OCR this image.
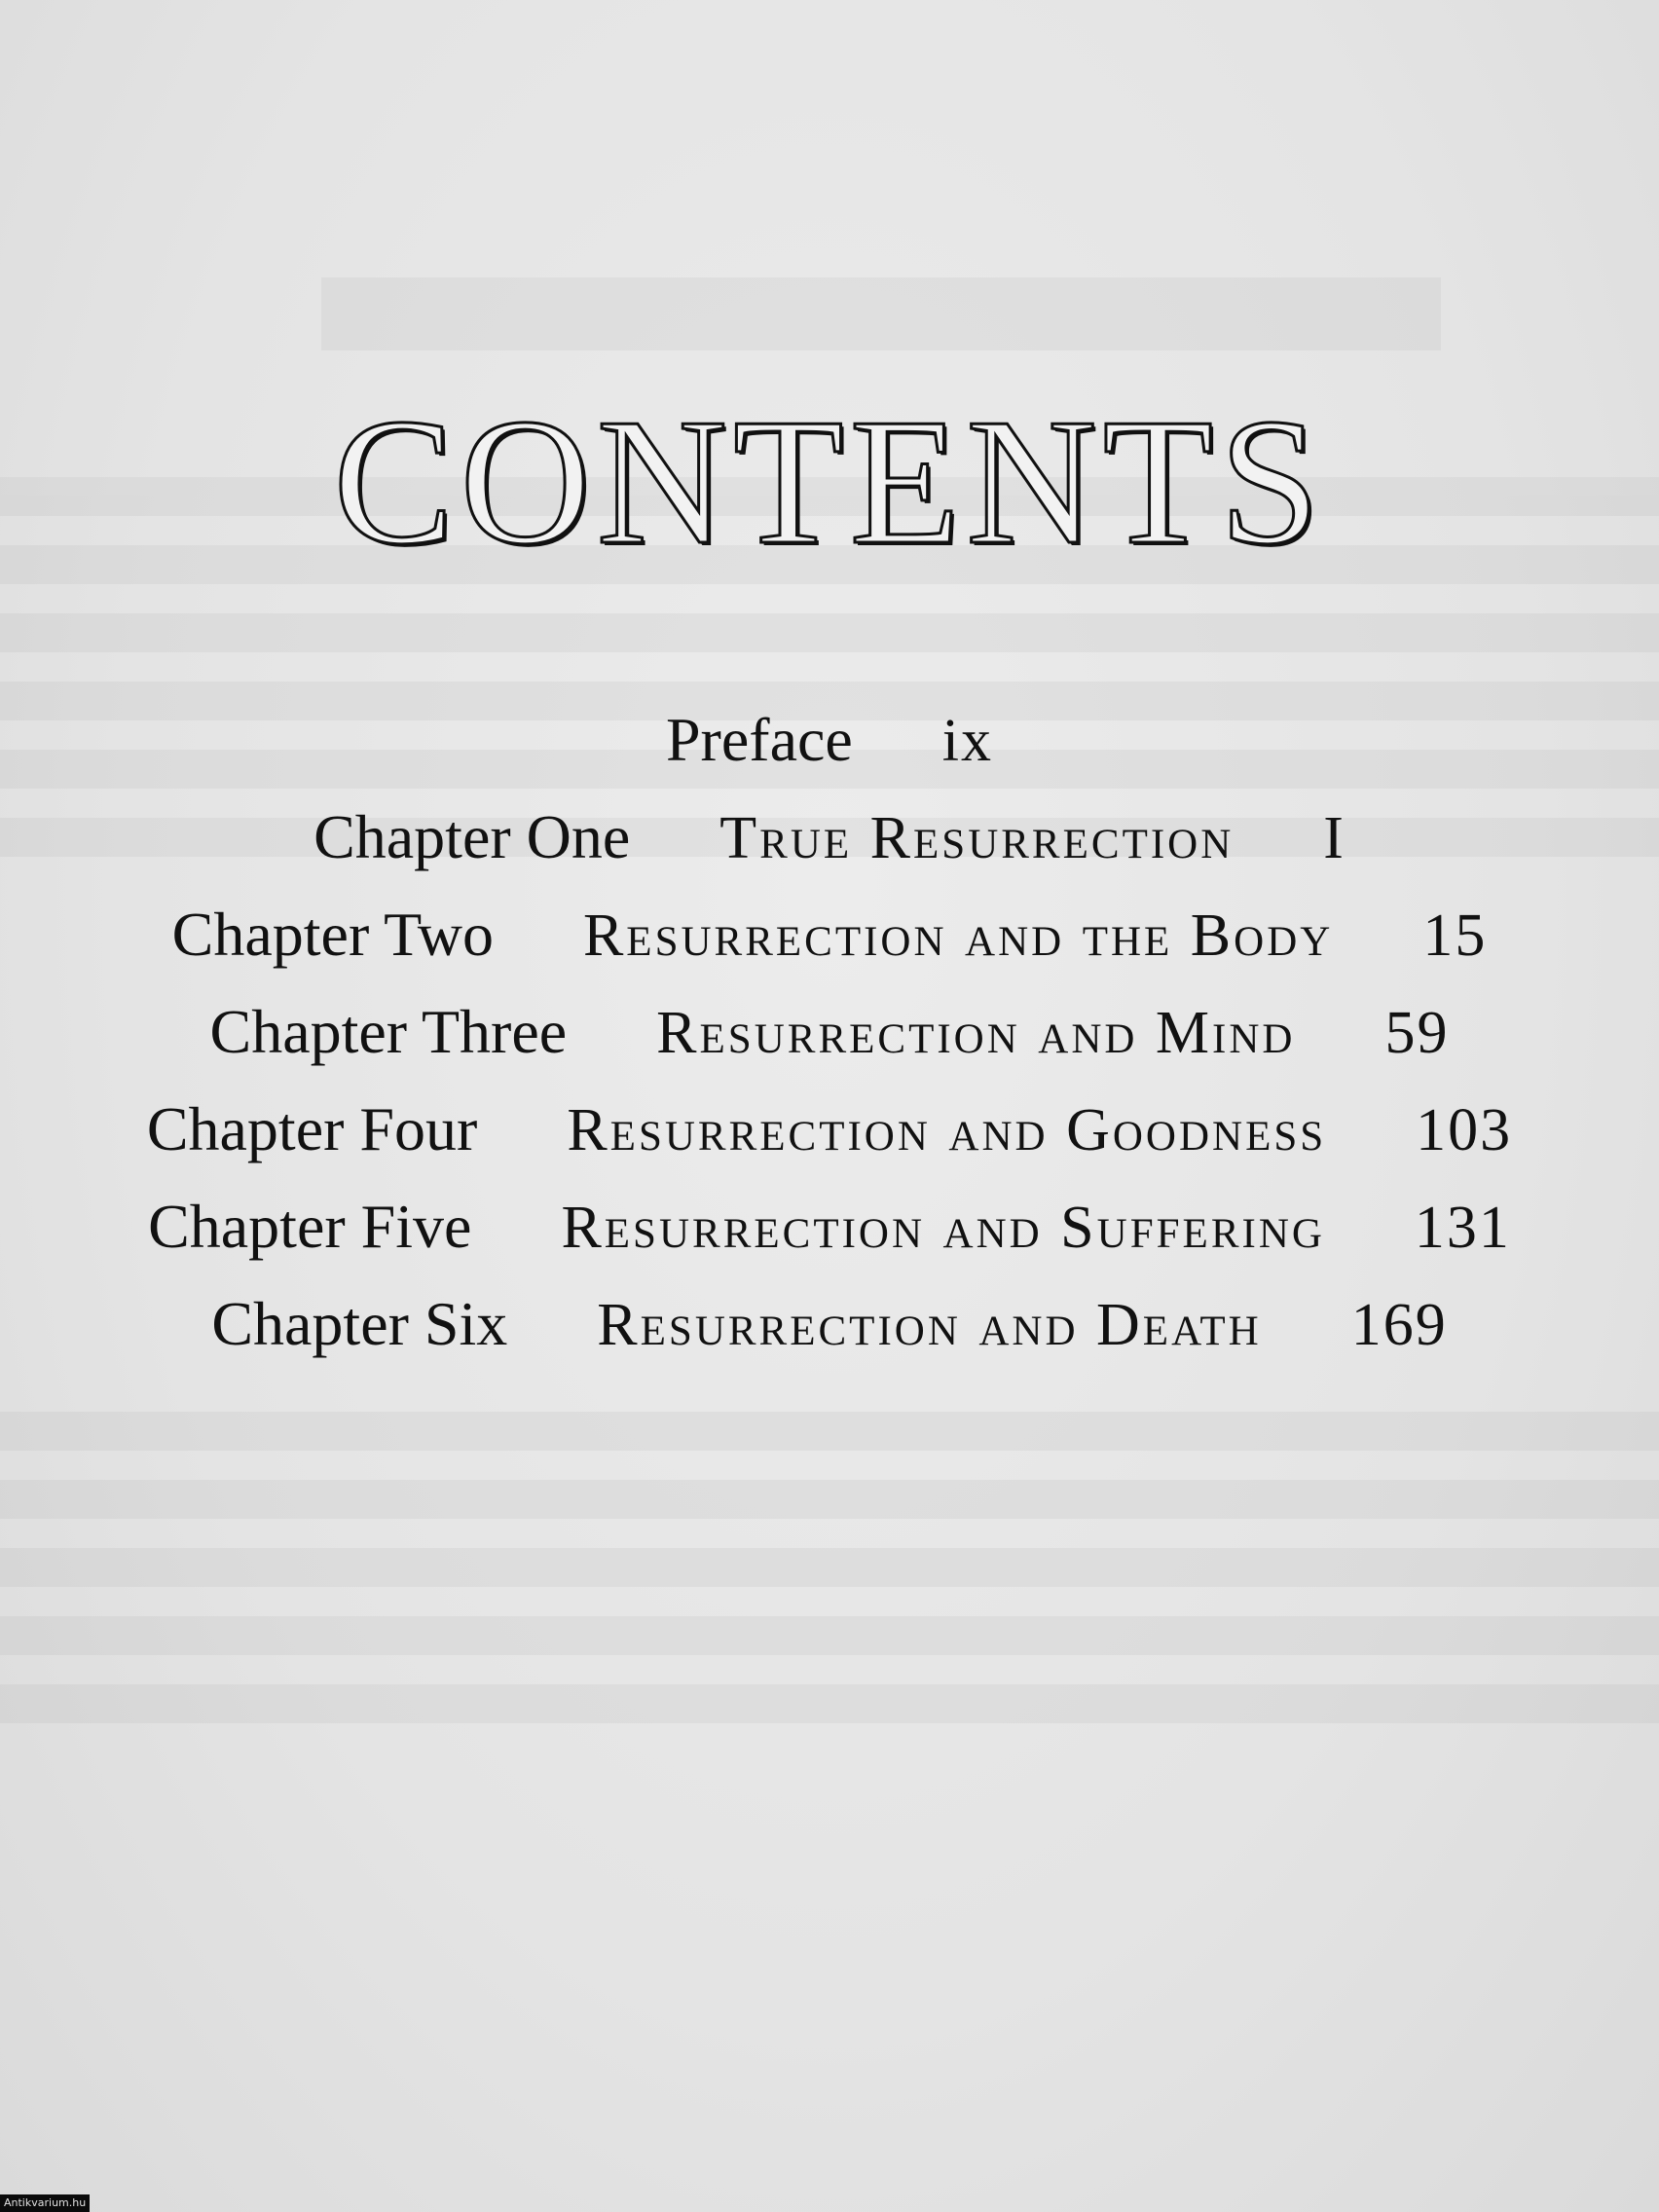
CONTENTS
Preface ix
Chapter One True Resurrection I
Chapter Two Resurrection and the Body 15
Chapter Three Resurrection and Mind 59
Chapter Four Resurrection and Goodness 103
Chapter Five Resurrection and Suffering 131
Chapter Six Resurrection and Death 169
Antikvarium.hu
